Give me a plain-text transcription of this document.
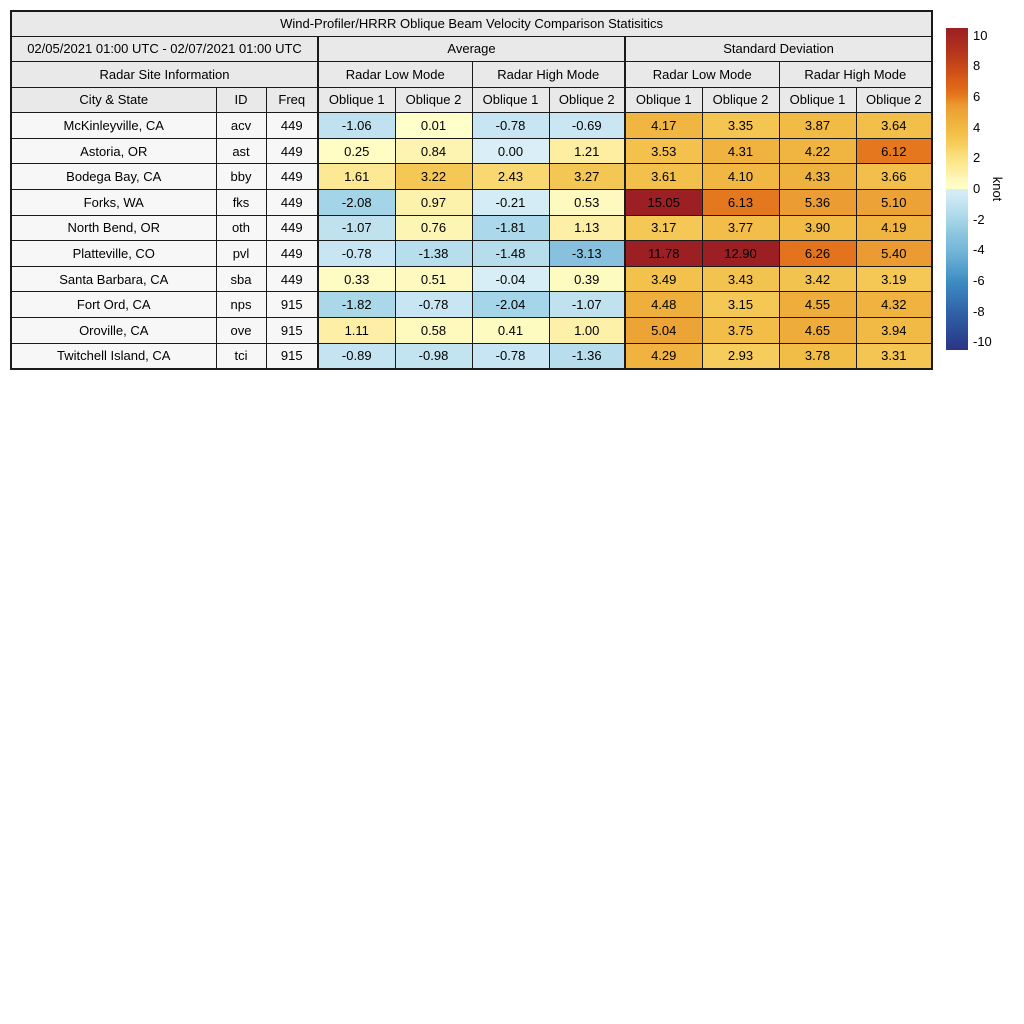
Wind-Profiler/HRRR Oblique Beam Velocity Comparison Statisitics										
02/05/2021 01:00 UTC - 02/07/2021 01:00 UTC			Average				Standard Deviation			
Radar Site Information			Radar Low Mode		Radar High Mode		Radar Low Mode		Radar High Mode	
City & State	ID	Freq	Oblique 1	Oblique 2	Oblique 1	Oblique 2	Oblique 1	Oblique 2	Oblique 1	Oblique 2
McKinleyville, CA	acv	449	-1.06	0.01	-0.78	-0.69	4.17	3.35	3.87	3.64
Astoria, OR	ast	449	0.25	0.84	0.00	1.21	3.53	4.31	4.22	6.12
Bodega Bay, CA	bby	449	1.61	3.22	2.43	3.27	3.61	4.10	4.33	3.66
Forks, WA	fks	449	-2.08	0.97	-0.21	0.53	15.05	6.13	5.36	5.10
North Bend, OR	oth	449	-1.07	0.76	-1.81	1.13	3.17	3.77	3.90	4.19
Platteville, CO	pvl	449	-0.78	-1.38	-1.48	-3.13	11.78	12.90	6.26	5.40
Santa Barbara, CA	sba	449	0.33	0.51	-0.04	0.39	3.49	3.43	3.42	3.19
Fort Ord, CA	nps	915	-1.82	-0.78	-2.04	-1.07	4.48	3.15	4.55	4.32
Oroville, CA	ove	915	1.11	0.58	0.41	1.00	5.04	3.75	4.65	3.94
Twitchell Island, CA	tci	915	-0.89	-0.98	-0.78	-1.36	4.29	2.93	3.78	3.31
10
8
6
4
2
0
-2
-4
-6
-8
-10
knot
